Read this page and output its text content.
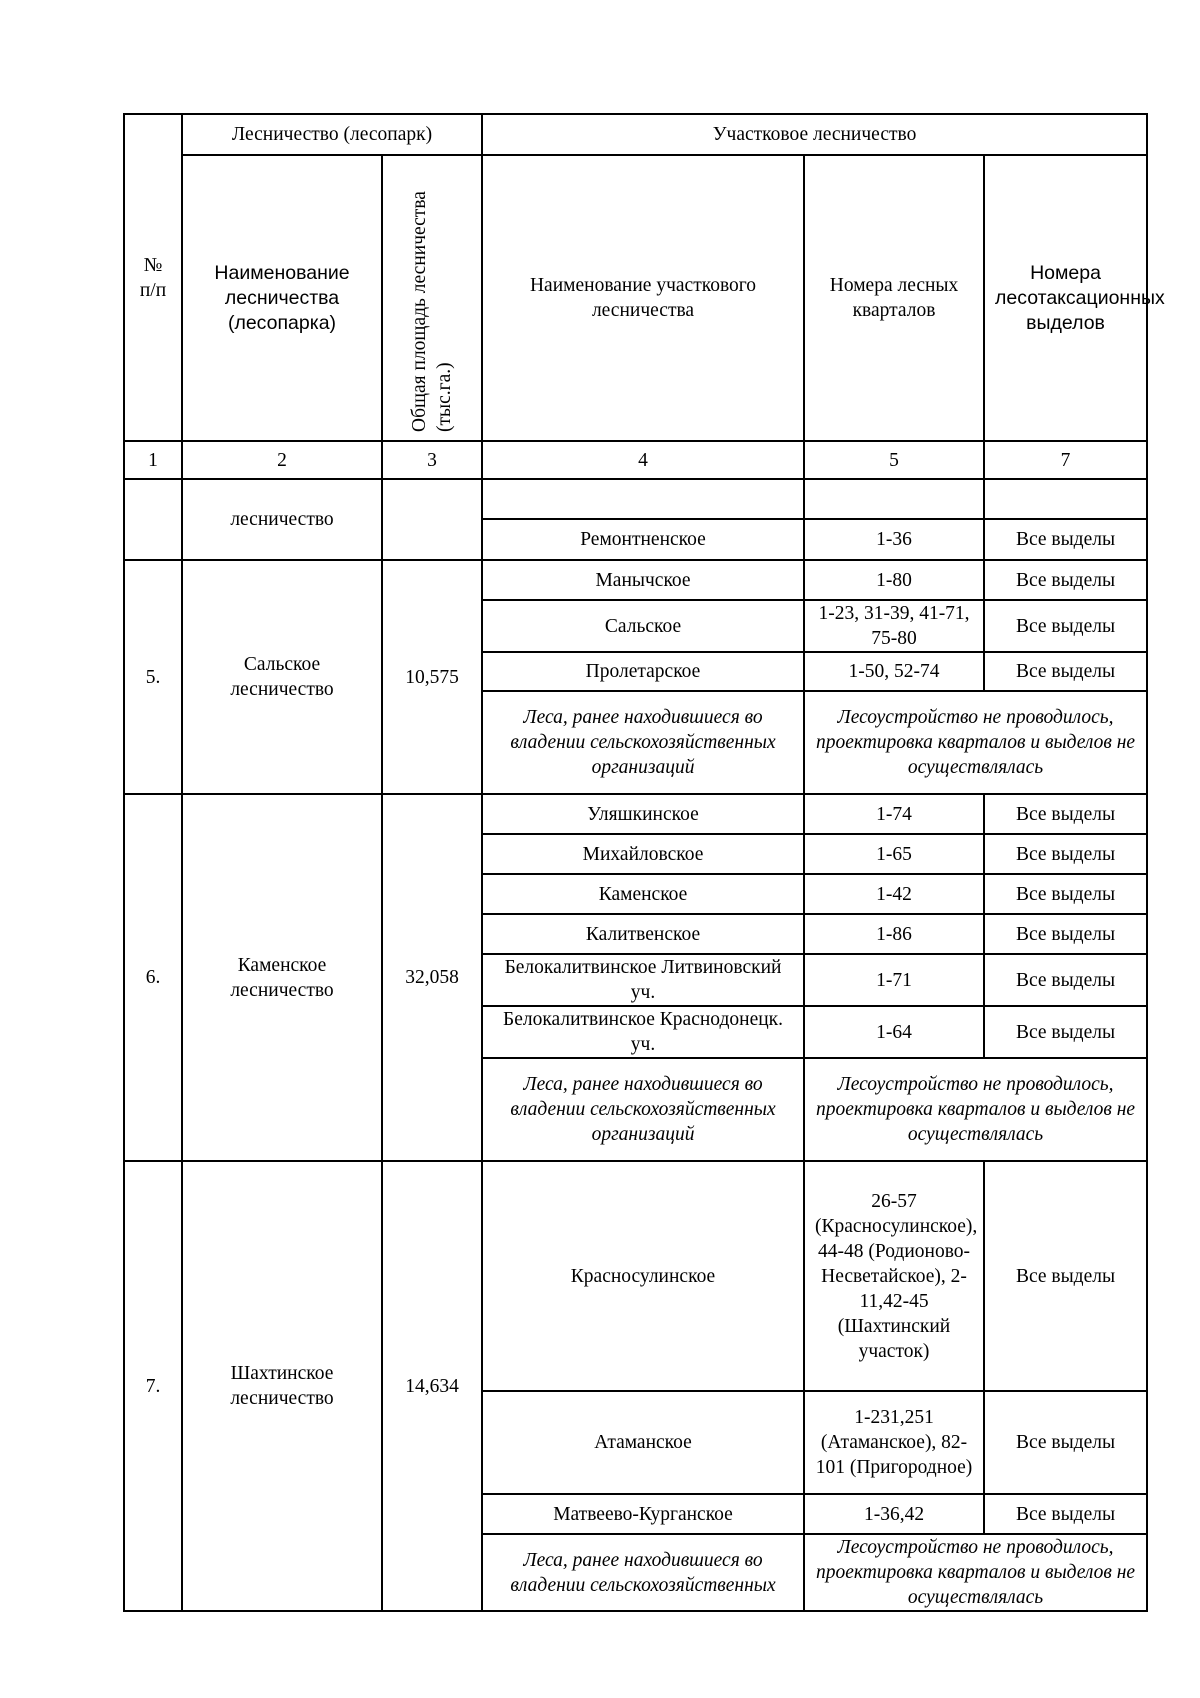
№ п/п	Лесничество (лесопарк)		Участковое лесничество		
	Наименование лесничества (лесопарка)	Общая площадь лесничества (тыс.га.)	Наименование участкового лесничества	Номера лесных кварталов	Номера лесотаксационных выделов
1	2	3	4	5	7
	лесничество				
			Ремонтненское	1-36	Все выделы
5.	Сальское лесничество	10,575	Манычское	1-80	Все выделы
			Сальское	1-23, 31-39, 41-71, 75-80	Все выделы
			Пролетарское	1-50, 52-74	Все выделы
			Леса, ранее находившиеся во владении сельскохозяйственных организаций	Лесоустройство не проводилось, проектировка кварталов и выделов не осуществлялась	
6.	Каменское лесничество	32,058	Уляшкинское	1-74	Все выделы
			Михайловское	1-65	Все выделы
			Каменское	1-42	Все выделы
			Калитвенское	1-86	Все выделы
			Белокалитвинское Литвиновский уч.	1-71	Все выделы
			Белокалитвинское Краснодонецк. уч.	1-64	Все выделы
			Леса, ранее находившиеся во владении сельскохозяйственных организаций	Лесоустройство не проводилось, проектировка кварталов и выделов не осуществлялась	
7.	Шахтинское лесничество	14,634	Красносулинское	26-57 (Красносулинское), 44-48 (Родионово-Несветайское), 2-11,42-45 (Шахтинский участок)	Все выделы
			Атаманское	1-231,251 (Атаманское), 82-101 (Пригородное)	Все выделы
			Матвеево-Курганское	1-36,42	Все выделы
			Леса, ранее находившиеся во владении сельскохозяйственных	Лесоустройство не проводилось, проектировка кварталов и выделов не осуществлялась	
